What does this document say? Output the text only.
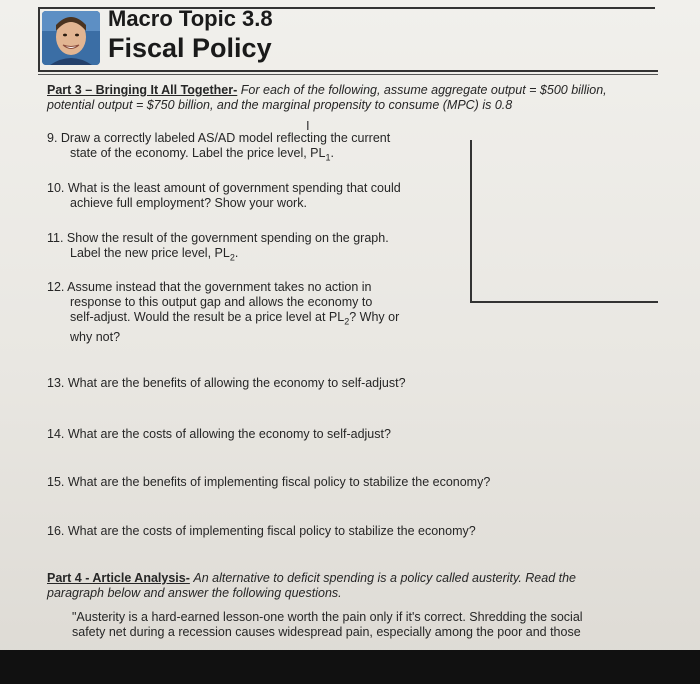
Macro Topic 3.8
Fiscal Policy
Part 3 – Bringing It All Together- For each of the following, assume aggregate output = $500 billion,
potential output = $750 billion, and the marginal propensity to consume (MPC) is 0.8
I
9. Draw a correctly labeled AS/AD model reflecting the current
state of the economy. Label the price level, $PL_1$.
10. What is the least amount of government spending that could
achieve full employment? Show your work.
11. Show the result of the government spending on the graph.
Label the new price level, $PL_2$.
12. Assume instead that the government takes no action in
response to this output gap and allows the economy to
self-adjust. Would the result be a price level at $PL_2$? Why or
why not?
13. What are the benefits of allowing the economy to self-adjust?
14. What are the costs of allowing the economy to self-adjust?
15. What are the benefits of implementing fiscal policy to stabilize the economy?
16. What are the costs of implementing fiscal policy to stabilize the economy?
Part 4 - Article Analysis- An alternative to deficit spending is a policy called austerity. Read the
paragraph below and answer the following questions.
"Austerity is a hard-earned lesson-one worth the pain only if it's correct. Shredding the social
safety net during a recession causes widespread pain, especially among the poor and those
